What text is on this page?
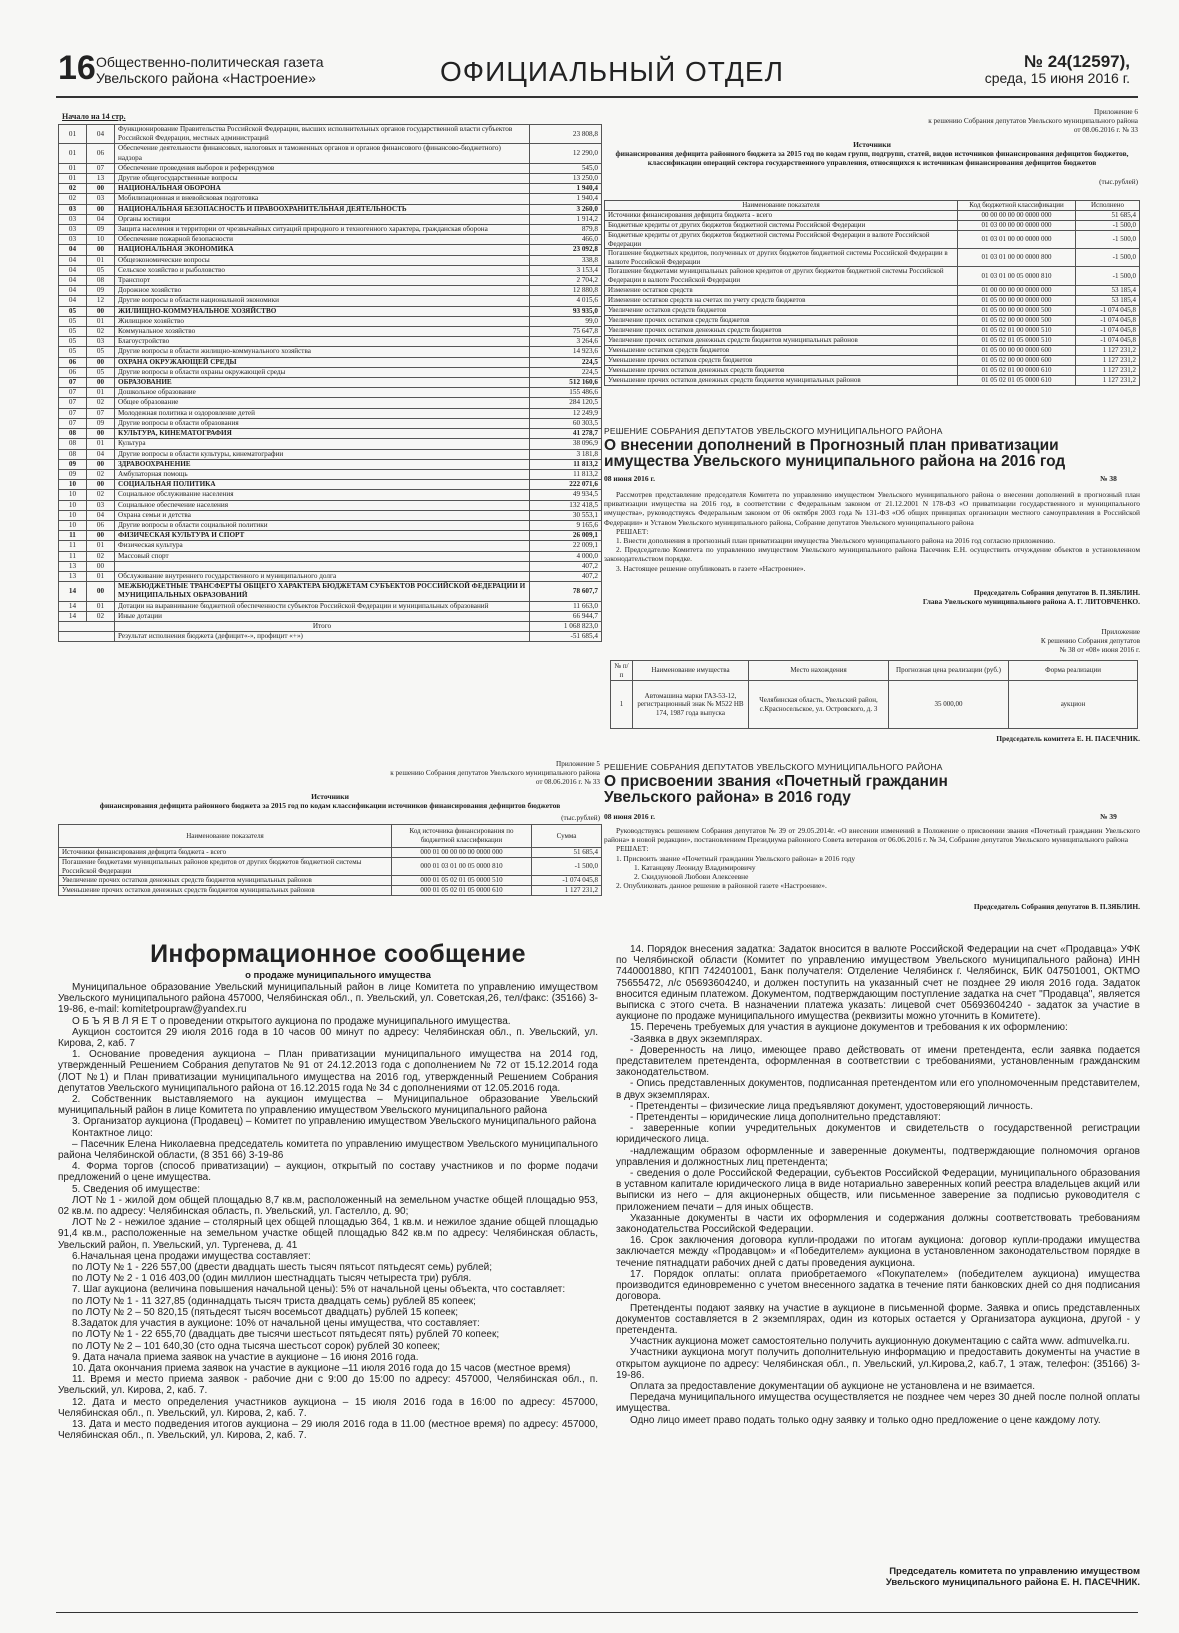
16 Общественно-политическая газета Увельского района «Настроение»	ОФИЦИАЛЬНЫЙ ОТДЕЛ	№ 24(12597),
среда, 15 июня 2016 г.
Начало на 14 стр.
01	04	Функционирование Правительства Российской Федерации, высших исполнительных органов государственной власти субъектов Российской Федерации, местных администраций	23 808,8
01	06	Обеспечение деятельности финансовых, налоговых и таможенных органов и органов финансового (финансово-бюджетного) надзора	12 290,0
01	07	Обеспечение проведения выборов и референдумов	545,0
01	13	Другие общегосударственные вопросы	13 250,0
02	00	НАЦИОНАЛЬНАЯ ОБОРОНА	1 940,4
02	03	Мобилизационная и вневойсковая подготовка	1 940,4
03	00	НАЦИОНАЛЬНАЯ БЕЗОПАСНОСТЬ И ПРАВООХРАНИТЕЛЬНАЯ ДЕЯТЕЛЬНОСТЬ	3 260,0
03	04	Органы юстиции	1 914,2
03	09	Защита населения и территории от чрезвычайных ситуаций природного и техногенного характера, гражданская оборона	879,8
03	10	Обеспечение пожарной безопасности	466,0
04	00	НАЦИОНАЛЬНАЯ ЭКОНОМИКА	23 092,8
04	01	Общеэкономические вопросы	338,8
04	05	Сельское хозяйство и рыболовство	3 153,4
04	08	Транспорт	2 704,2
04	09	Дорожное хозяйство	12 880,8
04	12	Другие вопросы в области национальной экономики	4 015,6
05	00	ЖИЛИЩНО-КОММУНАЛЬНОЕ ХОЗЯЙСТВО	93 935,0
05	01	Жилищное хозяйство	99,0
05	02	Коммунальное хозяйство	75 647,8
05	03	Благоустройство	3 264,6
05	05	Другие вопросы в области жилищно-коммунального хозяйства	14 923,6
06	00	ОХРАНА ОКРУЖАЮЩЕЙ СРЕДЫ	224,5
06	05	Другие вопросы в области охраны окружающей среды	224,5
07	00	ОБРАЗОВАНИЕ	512 160,6
07	01	Дошкольное образование	155 486,6
07	02	Общее образование	284 120,5
07	07	Молодежная политика и оздоровление детей	12 249,9
07	09	Другие вопросы в области образования	60 303,5
08	00	КУЛЬТУРА, КИНЕМАТОГРАФИЯ	41 278,7
08	01	Культура	38 096,9
08	04	Другие вопросы в области культуры, кинематографии	3 181,8
09	00	ЗДРАВООХРАНЕНИЕ	11 813,2
09	02	Амбулаторная помощь	11 813,2
10	00	СОЦИАЛЬНАЯ ПОЛИТИКА	222 071,6
10	02	Социальное обслуживание населения	49 934,5
10	03	Социальное обеспечение населения	132 418,5
10	04	Охрана семьи и детства	30 553,1
10	06	Другие вопросы в области социальной политики	9 165,6
11	00	ФИЗИЧЕСКАЯ КУЛЬТУРА И СПОРТ	26 009,1
11	01	Физическая культура	22 009,1
11	02	Массовый спорт	4 000,0
13	00		407,2
13	01	Обслуживание внутреннего государственного и муниципального долга	407,2
14	00	МЕЖБЮДЖЕТНЫЕ ТРАНСФЕРТЫ ОБЩЕГО ХАРАКТЕРА БЮДЖЕТАМ СУБЪЕКТОВ РОССИЙСКОЙ ФЕДЕРАЦИИ И МУНИЦИПАЛЬНЫХ ОБРАЗОВАНИЙ	78 607,7
14	01	Дотации на выравнивание бюджетной обеспеченности субъектов Российской Федерации и муниципальных образований	11 663,0
14	02	Иные дотации	66 944,7
		Итого	1 068 823,0
		Результат исполнения бюджета (дефицит«-», профицит «+»)	-51 685,4
Приложение 5
к решению Собрания депутатов Увельского муниципального района
от 08.06.2016 г. № 33
Источники
финансирования дефицита районного бюджета за 2015 год по кодам классификации источников финансирования дефицитов бюджетов
(тыс.рублей)
Наименование показателя	Код источника финансирования по бюджетной классификации	Сумма
Источники финансирования дефицита бюджета - всего	000 01 00 00 00 00 0000 000	51 685,4
Погашение бюджетами муниципальных районов кредитов от других бюджетов бюджетной системы Российской Федерации	000 01 03 01 00 05 0000 810	-1 500,0
Увеличение прочих остатков денежных средств бюджетов муниципальных районов	000 01 05 02 01 05 0000 510	-1 074 045,8
Уменьшение прочих остатков денежных средств бюджетов муниципальных районов	000 01 05 02 01 05 0000 610	1 127 231,2
Приложение 6
к решению Собрания депутатов Увельского муниципального района
от 08.06.2016 г. № 33
Источники
финансирования дефицита районного бюджета за 2015 год по кодам групп, подгрупп, статей, видов источников финансирования дефицитов бюджетов, классификации операций сектора государственного управления, относящихся к источникам финансирования дефицитов бюджетов
(тыс.рублей)
Наименование показателя	Код бюджетной классификации	Исполнено
Источники финансирования дефицита бюджета - всего	00 00 00 00 00 0000 000	51 685,4
Бюджетные кредиты от других бюджетов бюджетной системы Российской Федерации	01 03 00 00 00 0000 000	-1 500,0
Бюджетные кредиты от других бюджетов бюджетной системы Российской Федерации в валюте Российской Федерации	01 03 01 00 00 0000 000	-1 500,0
Погашение бюджетных кредитов, полученных от других бюджетов бюджетной системы Российской Федерации в валюте Российской Федерации	01 03 01 00 00 0000 800	-1 500,0
Погашение бюджетами муниципальных районов кредитов от других бюджетов бюджетной системы Российской Федерации в валюте Российской Федерации	01 03 01 00 05 0000 810	-1 500,0
Изменение остатков средств	01 00 00 00 00 0000 000	53 185,4
Изменение остатков средств на счетах по учету средств бюджетов	01 05 00 00 00 0000 000	53 185,4
Увеличение остатков средств бюджетов	01 05 00 00 00 0000 500	-1 074 045,8
Увеличение прочих остатков средств бюджетов	01 05 02 00 00 0000 500	-1 074 045,8
Увеличение прочих остатков денежных средств бюджетов	01 05 02 01 00 0000 510	-1 074 045,8
Увеличение прочих остатков денежных средств бюджетов муниципальных районов	01 05 02 01 05 0000 510	-1 074 045,8
Уменьшение остатков средств бюджетов	01 05 00 00 00 0000 600	1 127 231,2
Уменьшение прочих остатков средств бюджетов	01 05 02 00 00 0000 600	1 127 231,2
Уменьшение прочих остатков денежных средств бюджетов	01 05 02 01 00 0000 610	1 127 231,2
Уменьшение прочих остатков денежных средств бюджетов муниципальных районов	01 05 02 01 05 0000 610	1 127 231,2
РЕШЕНИЕ СОБРАНИЯ ДЕПУТАТОВ УВЕЛЬСКОГО МУНИЦИПАЛЬНОГО РАЙОНА
О внесении дополнений в Прогнозный план приватизации имущества Увельского муниципального района на 2016 год
08 июня 2016 г.	№ 38

Рассмотрев представление председателя Комитета по управлению имуществом Увельского муниципального района о внесении дополнений в прогнозный план приватизации имущества на 2016 год, в соответствии с Федеральным законом от 21.12.2001 N 178-ФЗ «О приватизации государственного и муниципального имущества», руководствуясь Федеральным законом от 06 октября 2003 года № 131-ФЗ «Об общих принципах организации местного самоуправления в Российской Федерации» и Уставом Увельского муниципального района, Собрание депутатов Увельского муниципального района

РЕШАЕТ:

1. Внести дополнения в прогнозный план приватизации имущества Увельского муниципального района на 2016 год согласно приложению.

2. Председателю Комитета по управлению имуществом Увельского муниципального района Пасечник Е.Н. осуществить отчуждение объектов в установленном законодательством порядке.

3. Настоящее решение опубликовать в газете «Настроение».

Председатель Собрания депутатов В. П.ЗЯБЛИН.
Глава Увельского муниципального района А. Г. ЛИТОВЧЕНКО.
Приложение
К решению Собрания депутатов
№ 38 от «08» июня 2016 г.
№ п/п	Наименование имущества	Место нахождения	Прогнозная цена реализации (руб.)	Форма реализации
1	Автомашина марки ГАЗ-53-12, регистрационный знак № М522 НВ 174, 1987 года выпуска	Челябинская область, Увельский район, с.Красносельское, ул. Островского, д. 3	35 000,00	аукцион
Председатель комитета Е. Н. ПАСЕЧНИК.
РЕШЕНИЕ СОБРАНИЯ ДЕПУТАТОВ УВЕЛЬСКОГО МУНИЦИПАЛЬНОГО РАЙОНА
О присвоении звания «Почетный гражданин Увельского района» в 2016 году
08 июня 2016 г.	№ 39

Руководствуясь решением Собрания депутатов № 39 от 29.05.2014г. «О внесении изменений в Положение о присвоении звания «Почетный гражданин Увельского района» в новой редакции», постановлением Президиума районного Совета ветеранов от 06.06.2016 г. № 34, Собрание депутатов Увельского муниципального района

РЕШАЕТ:

1. Присвоить звание «Почетный гражданин Увельского района» в 2016 году

1. Катанцеву Леониду Владимировичу

2. Скидзуновой Любови Алексеевне

2. Опубликовать данное решение в районной газете «Настроение».

Председатель Собрания депутатов В. П.ЗЯБЛИН.
Информационное сообщение
о продаже муниципального имущества

Муниципальное образование Увельский муниципальный район в лице Комитета по управлению имуществом Увельского муниципального района 457000, Челябинская обл., п. Увельский, ул. Советская,26, тел/факс: (35166) 3-19-86, e-mail: komitetpoupraw@yandex.ru

О Б Ъ Я В Л Я Е Т о проведении открытого аукциона по продаже муниципального имущества.

Аукцион состоится 29 июля 2016 года в 10 часов 00 минут по адресу: Челябинская обл., п. Увельский, ул. Кирова, 2, каб. 7

1. Основание проведения аукциона – План приватизации муниципального имущества на 2014 год, утвержденный Решением Собрания депутатов № 91 от 24.12.2013 года с дополнением № 72 от 15.12.2014 года (ЛОТ №1) и План приватизации муниципального имущества на 2016 год, утвержденный Решением Собрания депутатов Увельского муниципального района от 16.12.2015 года № 34 с дополнениями от 12.05.2016 года.

2. Собственник выставляемого на аукцион имущества – Муниципальное образование Увельский муниципальный район в лице Комитета по управлению имуществом Увельского муниципального района

3. Организатор аукциона (Продавец) – Комитет по управлению имуществом Увельского муниципального района

Контактное лицо:

– Пасечник Елена Николаевна председатель комитета по управлению имуществом Увельского муниципального района Челябинской области, (8 351 66) 3-19-86

4. Форма торгов (способ приватизации) – аукцион, открытый по составу участников и по форме подачи предложений о цене имущества.

5. Сведения об имуществе:

ЛОТ № 1 - жилой дом общей площадью 8,7 кв.м, расположенный на земельном участке общей площадью 953, 02 кв.м. по адресу: Челябинская область, п. Увельский, ул. Гастелло, д. 90;

ЛОТ № 2 - нежилое здание – столярный цех общей площадью 364, 1 кв.м. и нежилое здание общей площадью 91,4 кв.м., расположенные на земельном участке общей площадью 842 кв.м по адресу: Челябинская область, Увельский район, п. Увельский, ул. Тургенева, д. 41

6.Начальная цена продажи имущества составляет:

по ЛОТу № 1 - 226 557,00 (двести двадцать шесть тысяч пятьсот пятьдесят семь) рублей;

по ЛОТу № 2 - 1 016 403,00 (один миллион шестнадцать тысяч четыреста три) рубля.

7. Шаг аукциона (величина повышения начальной цены): 5% от начальной цены объекта, что составляет:

по ЛОТу № 1 - 11 327,85 (одиннадцать тысяч триста двадцать семь) рублей 85 копеек;

по ЛОТу № 2 – 50 820,15 (пятьдесят тысяч восемьсот двадцать) рублей 15 копеек;

8.Задаток для участия в аукционе: 10% от начальной цены имущества, что составляет:

по ЛОТу № 1 - 22 655,70 (двадцать две тысячи шестьсот пятьдесят пять) рублей 70 копеек;

по ЛОТу № 2 – 101 640,30 (сто одна тысяча шестьсот сорок) рублей 30 копеек;

9. Дата начала приема заявок на участие в аукционе – 16 июня 2016 года.

10. Дата окончания приема заявок на участие в аукционе –11 июля 2016 года до 15 часов (местное время)

11. Время и место приема заявок - рабочие дни с 9:00 до 15:00 по адресу: 457000, Челябинская обл., п. Увельский, ул. Кирова, 2, каб. 7.

12. Дата и место определения участников аукциона – 15 июля 2016 года в 16:00 по адресу: 457000, Челябинская обл., п. Увельский, ул. Кирова, 2, каб. 7.

13. Дата и место подведения итогов аукциона – 29 июля 2016 года в 11.00 (местное время) по адресу: 457000, Челябинская обл., п. Увельский, ул. Кирова, 2, каб. 7.

14. Порядок внесения задатка: Задаток вносится в валюте Российской Федерации на счет «Продавца» УФК по Челябинской области (Комитет по управлению имуществом Увельского муниципального района) ИНН 7440001880, КПП 742401001, Банк получателя: Отделение Челябинск г. Челябинск, БИК 047501001, ОКТМО 75655472, л/с 05693604240, и должен поступить на указанный счет не позднее 29 июля 2016 года. Задаток вносится единым платежом. Документом, подтверждающим поступление задатка на счет "Продавца", является выписка с этого счета. В назначении платежа указать: лицевой счет 05693604240 - задаток за участие в аукционе по продаже муниципального имущества (реквизиты можно уточнить в Комитете).

15. Перечень требуемых для участия в аукционе документов и требования к их оформлению:

-Заявка в двух экземплярах.

- Доверенность на лицо, имеющее право действовать от имени претендента, если заявка подается представителем претендента, оформленная в соответствии с требованиями, установленным гражданским законодательством.

- Опись представленных документов, подписанная претендентом или его уполномоченным представителем, в двух экземплярах.

- Претенденты – физические лица предъявляют документ, удостоверяющий личность.

- Претенденты – юридические лица дополнительно представляют:

- заверенные копии учредительных документов и свидетельств о государственной регистрации юридического лица.

-надлежащим образом оформленные и заверенные документы, подтверждающие полномочия органов управления и должностных лиц претендента;

- сведения о доле Российской Федерации, субъектов Российской Федерации, муниципального образования в уставном капитале юридического лица в виде нотариально заверенных копий реестра владельцев акций или выписки из него – для акционерных обществ, или письменное заверение за подписью руководителя с приложением печати – для иных обществ.

Указанные документы в части их оформления и содержания должны соответствовать требованиям законодательства Российской Федерации.

16. Срок заключения договора купли-продажи по итогам аукциона: договор купли-продажи имущества заключается между «Продавцом» и «Победителем» аукциона в установленном законодательством порядке в течение пятнадцати рабочих дней с даты проведения аукциона.

17. Порядок оплаты: оплата приобретаемого «Покупателем» (победителем аукциона) имущества производится единовременно с учетом внесенного задатка в течение пяти банковских дней со дня подписания договора.

Претенденты подают заявку на участие в аукционе в письменной форме. Заявка и опись представленных документов составляется в 2 экземплярах, один из которых остается у Организатора аукциона, другой - у претендента.

Участник аукциона может самостоятельно получить аукционную документацию с сайта www. admuvelka.ru.

Участники аукциона могут получить дополнительную информацию и предоставить документы на участие в открытом аукционе по адресу: Челябинская обл., п. Увельский, ул.Кирова,2, каб.7, 1 этаж, телефон: (35166) 3-19-86.

Оплата за предоставление документации об аукционе не установлена и не взимается.

Передача муниципального имущества осуществляется не позднее чем через 30 дней после полной оплаты имущества.

Одно лицо имеет право подать только одну заявку и только одно предложение о цене каждому лоту.

Председатель комитета по управлению имуществом
Увельского муниципального района Е. Н. ПАСЕЧНИК.
